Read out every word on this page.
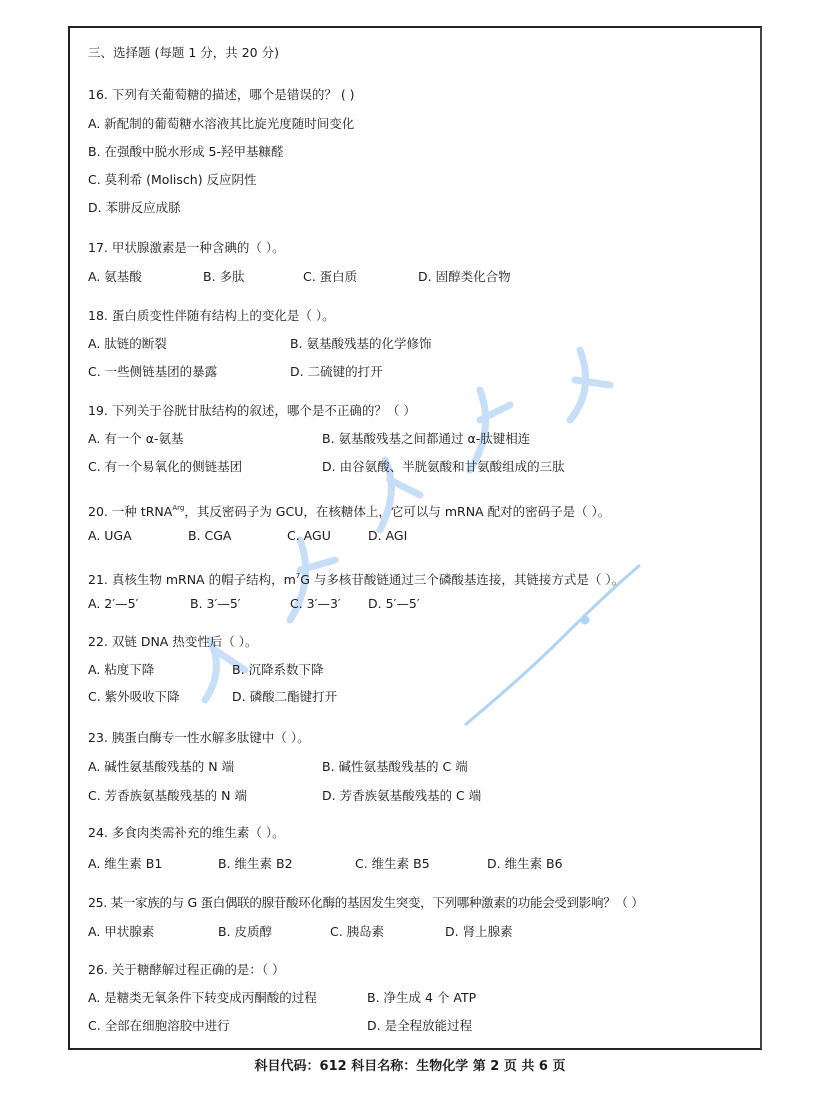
三、选择题 (每题 1 分，共 20 分)
16. 下列有关葡萄糖的描述，哪个是错误的？ ( )
A. 新配制的葡萄糖水溶液其比旋光度随时间变化
B. 在强酸中脱水形成 5-羟甲基糠醛
C. 莫利希 (Molisch) 反应阴性
D. 苯肼反应成脎
17. 甲状腺激素是一种含碘的（ ）。
A. 氨基酸	B. 多肽	C. 蛋白质	D. 固醇类化合物
18. 蛋白质变性伴随有结构上的变化是（ ）。
A. 肽链的断裂	B. 氨基酸残基的化学修饰
C. 一些侧链基团的暴露	D. 二硫键的打开
19. 下列关于谷胱甘肽结构的叙述，哪个是不正确的？（ ）
A. 有一个 α-氨基	B. 氨基酸残基之间都通过 α-肽键相连
C. 有一个易氧化的侧链基团	D. 由谷氨酸、半胱氨酸和甘氨酸组成的三肽
20. 一种 tRNA$^{Arg}$，其反密码子为 GCU，在核糖体上，它可以与 mRNA 配对的密码子是（ ）。
A. UGA	B. CGA	C. AGU	D. AGI
21. 真核生物 mRNA 的帽子结构，$m^7G$ 与多核苷酸链通过三个磷酸基连接，其链接方式是（ ）。
A. 2′—5′	B. 3′—5′	C. 3′—3′ D. 5′—5′
22. 双链 DNA 热变性后（ ）。
A. 粘度下降	B. 沉降系数下降
C. 紫外吸收下降	D. 磷酸二酯键打开
23. 胰蛋白酶专一性水解多肽键中（ ）。
A. 碱性氨基酸残基的 N 端	B. 碱性氨基酸残基的 C 端
C. 芳香族氨基酸残基的 N 端	D. 芳香族氨基酸残基的 C 端
24. 多食肉类需补充的维生素（ ）。
A. 维生素 B1	B. 维生素 B2	C. 维生素 B5	D. 维生素 B6
25. 某一家族的与 G 蛋白偶联的腺苷酸环化酶的基因发生突变，下列哪种激素的功能会受到影响？（ ）
A. 甲状腺素	B. 皮质醇	C. 胰岛素	D. 肾上腺素
26. 关于糖酵解过程正确的是：（ ）
A. 是糖类无氧条件下转变成丙酮酸的过程	B. 净生成 4 个 ATP
C. 全部在细胞溶胶中进行	D. 是全程放能过程
科目代码：612 科目名称：生物化学 第 2 页 共 6 页
